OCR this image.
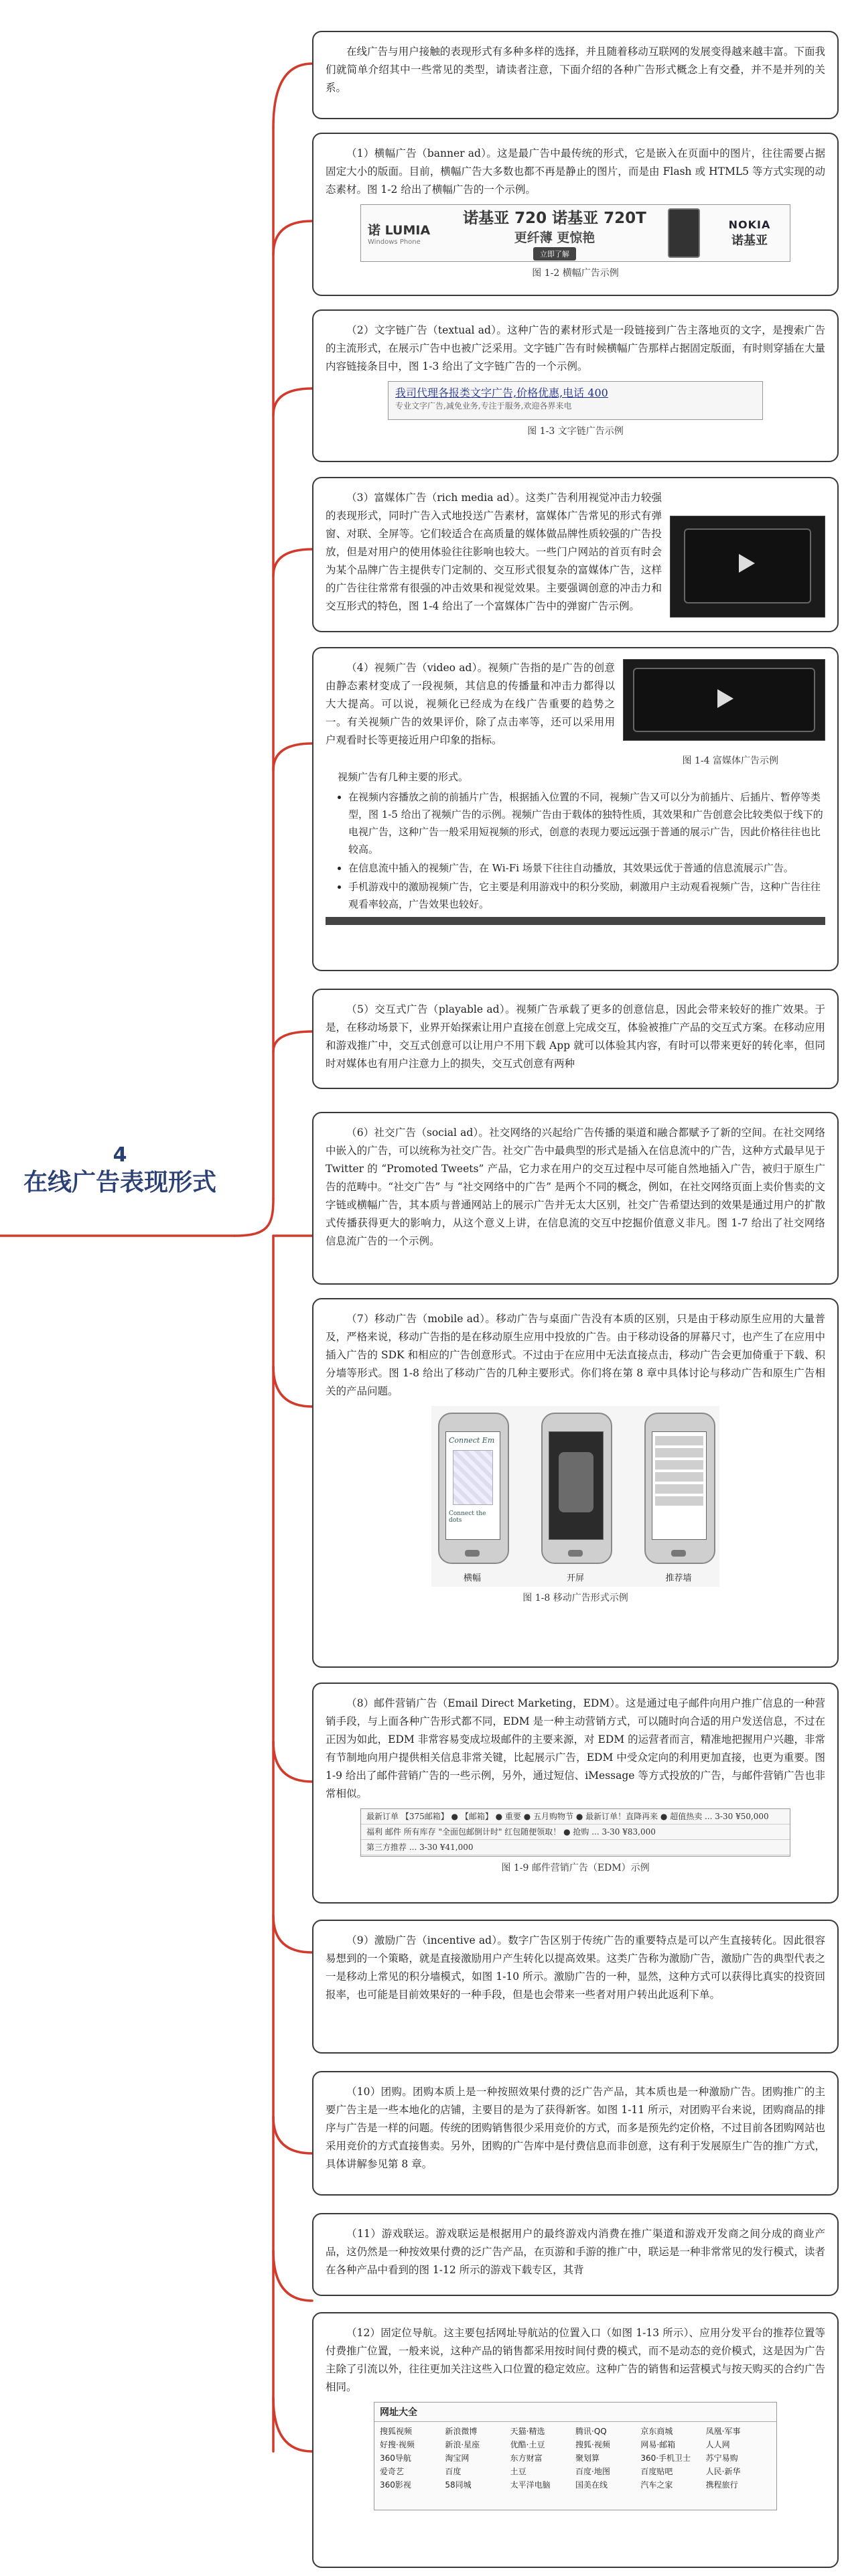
4
在线广告表现形式

在线广告与用户接触的表现形式有多种多样的选择，并且随着移动互联网的发展变得越来越丰富。下面我们就简单介绍其中一些常见的类型，请读者注意，下面介绍的各种广告形式概念上有交叠，并不是并列的关系。

（1）横幅广告（banner ad）。这是最广告中最传统的形式，它是嵌入在页面中的图片，往往需要占据固定大小的版面。目前，横幅广告大多数也都不再是静止的图片，而是由 Flash 或 HTML5 等方式实现的动态素材。图 1-2 给出了横幅广告的一个示例。

诺 LUMIA
Windows Phone
诺基亚 720 诺基亚 720T
更纤薄 更惊艳
立即了解
NOKIA
诺基亚
图 1-2 横幅广告示例

（2）文字链广告（textual ad）。这种广告的素材形式是一段链接到广告主落地页的文字，是搜索广告的主流形式，在展示广告中也被广泛采用。文字链广告有时候横幅广告那样占据固定版面，有时则穿插在大量内容链接条目中，图 1-3 给出了文字链广告的一个示例。

我司代理各报类文字广告,价格优惠,电话 400
专业文字广告,减免业务,专注于服务,欢迎各界来电
图 1-3 文字链广告示例

（3）富媒体广告（rich media ad）。这类广告利用视觉冲击力较强的表现形式，同时广告入式地投送广告素材，富媒体广告常见的形式有弹窗、对联、全屏等。它们较适合在高质量的媒体做品牌性质较强的广告投放，但是对用户的使用体验往往影响也较大。一些门户网站的首页有时会为某个品牌广告主提供专门定制的、交互形式很复杂的富媒体广告，这样的广告往往常常有很强的冲击效果和视觉效果。主要强调创意的冲击力和交互形式的特色，图 1-4 给出了一个富媒体广告中的弹窗广告示例。

（4）视频广告（video ad）。视频广告指的是广告的创意由静态素材变成了一段视频，其信息的传播量和冲击力都得以大大提高。可以说，视频化已经成为在线广告重要的趋势之一。有关视频广告的效果评价，除了点击率等，还可以采用用户观看时长等更接近用户印象的指标。

图 1-4 富媒体广告示例
视频广告有几种主要的形式。
• 在视频内容播放之前的前插片广告，根据插入位置的不同，视频广告又可以分为前插片、后插片、暂停等类型，图 1-5 给出了视频广告的示例。视频广告由于载体的独特性质，其效果和广告创意会比较类似于线下的电视广告，这种广告一般采用短视频的形式，创意的表现力要远远强于普通的展示广告，因此价格往往也比较高。
• 在信息流中插入的视频广告，在 Wi-Fi 场景下往往自动播放，其效果远优于普通的信息流展示广告。
• 手机游戏中的激励视频广告，它主要是利用游戏中的积分奖励，刺激用户主动观看视频广告，这种广告往往观看率较高，广告效果也较好。

（5）交互式广告（playable ad）。视频广告承载了更多的创意信息，因此会带来较好的推广效果。于是，在移动场景下，业界开始探索让用户直接在创意上完成交互，体验被推广产品的交互式方案。在移动应用和游戏推广中，交互式创意可以让用户不用下载 App 就可以体验其内容，有时可以带来更好的转化率，但同时对媒体也有用户注意力上的损失，交互式创意有两种

（6）社交广告（social ad）。社交网络的兴起给广告传播的渠道和融合都赋予了新的空间。在社交网络中嵌入的广告，可以统称为社交广告。社交广告中最典型的形式是插入在信息流中的广告，这种方式最早见于 Twitter 的 “Promoted Tweets” 产品，它力求在用户的交互过程中尽可能自然地插入广告，被归于原生广告的范畴中。“社交广告” 与 “社交网络中的广告” 是两个不同的概念，例如，在社交网络页面上卖价售卖的文字链或横幅广告，其本质与普通网站上的展示广告并无太大区别，社交广告希望达到的效果是通过用户的扩散式传播获得更大的影响力，从这个意义上讲，在信息流的交互中挖掘价值意义非凡。图 1-7 给出了社交网络信息流广告的一个示例。

（7）移动广告（mobile ad）。移动广告与桌面广告没有本质的区别，只是由于移动原生应用的大量普及，严格来说，移动广告指的是在移动原生应用中投放的广告。由于移动设备的屏幕尺寸，也产生了在应用中插入广告的 SDK 和相应的广告创意形式。不过由于在应用中无法直接点击，移动广告会更加倚重于下载、积分墙等形式。图 1-8 给出了移动广告的几种主要形式。你们将在第 8 章中具体讨论与移动广告和原生广告相关的产品问题。

Connect Em
Connect the dots
横幅	开屏	推荐墙
图 1-8 移动广告形式示例

（8）邮件营销广告（Email Direct Marketing，EDM）。这是通过电子邮件向用户推广信息的一种营销手段，与上面各种广告形式都不同，EDM 是一种主动营销方式，可以随时向合适的用户发送信息，不过在正因为如此，EDM 非常容易变成垃圾邮件的主要来源，对 EDM 的运营者而言，精准地把握用户兴趣，非常有节制地向用户提供相关信息非常关键，比起展示广告，EDM 中受众定向的利用更加直接，也更为重要。图 1-9 给出了邮件营销广告的一些示例，另外，通过短信、iMessage 等方式投放的广告，与邮件营销广告也非常相似。

最新订单 【375邮箱】 ● 【邮箱】 ● 重要 ● 五月购物节 ● 最新订单！直降再来 ● 超值热卖 ... 3-30 ¥50,000
福利 邮件 所有库存 "全面包邮倒计时" 红包随便领取！ ● 抢购 ... 3-30 ¥83,000
第三方推荐 ... 3-30 ¥41,000
图 1-9 邮件营销广告（EDM）示例

（9）激励广告（incentive ad）。数字广告区别于传统广告的重要特点是可以产生直接转化。因此很容易想到的一个策略，就是直接激励用户产生转化以提高效果。这类广告称为激励广告，激励广告的典型代表之一是移动上常见的积分墙模式，如图 1-10 所示。激励广告的一种，显然，这种方式可以获得比真实的投资回报率，也可能是目前效果好的一种手段，但是也会带来一些者对用户转出此返利下单。

（10）团购。团购本质上是一种按照效果付费的泛广告产品，其本质也是一种激励广告。团购推广的主要广告主是一些本地化的店铺，主要目的是为了获得新客。如图 1-11 所示，对团购平台来说，团购商品的排序与广告是一样的问题。传统的团购销售很少采用竞价的方式，而多是预先约定价格，不过目前各团购网站也采用竞价的方式直接售卖。另外，团购的广告库中是付费信息而非创意，这有利于发展原生广告的推广方式，具体讲解参见第 8 章。

（11）游戏联运。游戏联运是根据用户的最终游戏内消费在推广渠道和游戏开发商之间分成的商业产品，这仍然是一种按效果付费的泛广告产品，在页游和手游的推广中，联运是一种非常常见的发行模式，读者在各种产品中看到的图 1-12 所示的游戏下载专区，其背

（12）固定位导航。这主要包括网址导航站的位置入口（如图 1-13 所示）、应用分发平台的推荐位置等付费推广位置，一般来说，这种产品的销售都采用按时间付费的模式，而不是动态的竞价模式，这是因为广告主除了引流以外，往往更加关注这些入口位置的稳定效应。这种广告的销售和运营模式与按天购买的合约广告相同。

网址大全
搜狐视频	新浪微博	天猫·精选	腾讯·QQ	京东商城	凤凰·军事
好搜·视频	新浪·星座	优酷·土豆	搜狐·视频	网易·邮箱	人人网
360导航	淘宝网	东方财富	聚划算	360·手机卫士	苏宁易购
爱奇艺	百度	土豆	百度·地图	百度贴吧	人民·新华
360影视	58同城	太平洋电脑	国美在线	汽车之家	携程旅行
